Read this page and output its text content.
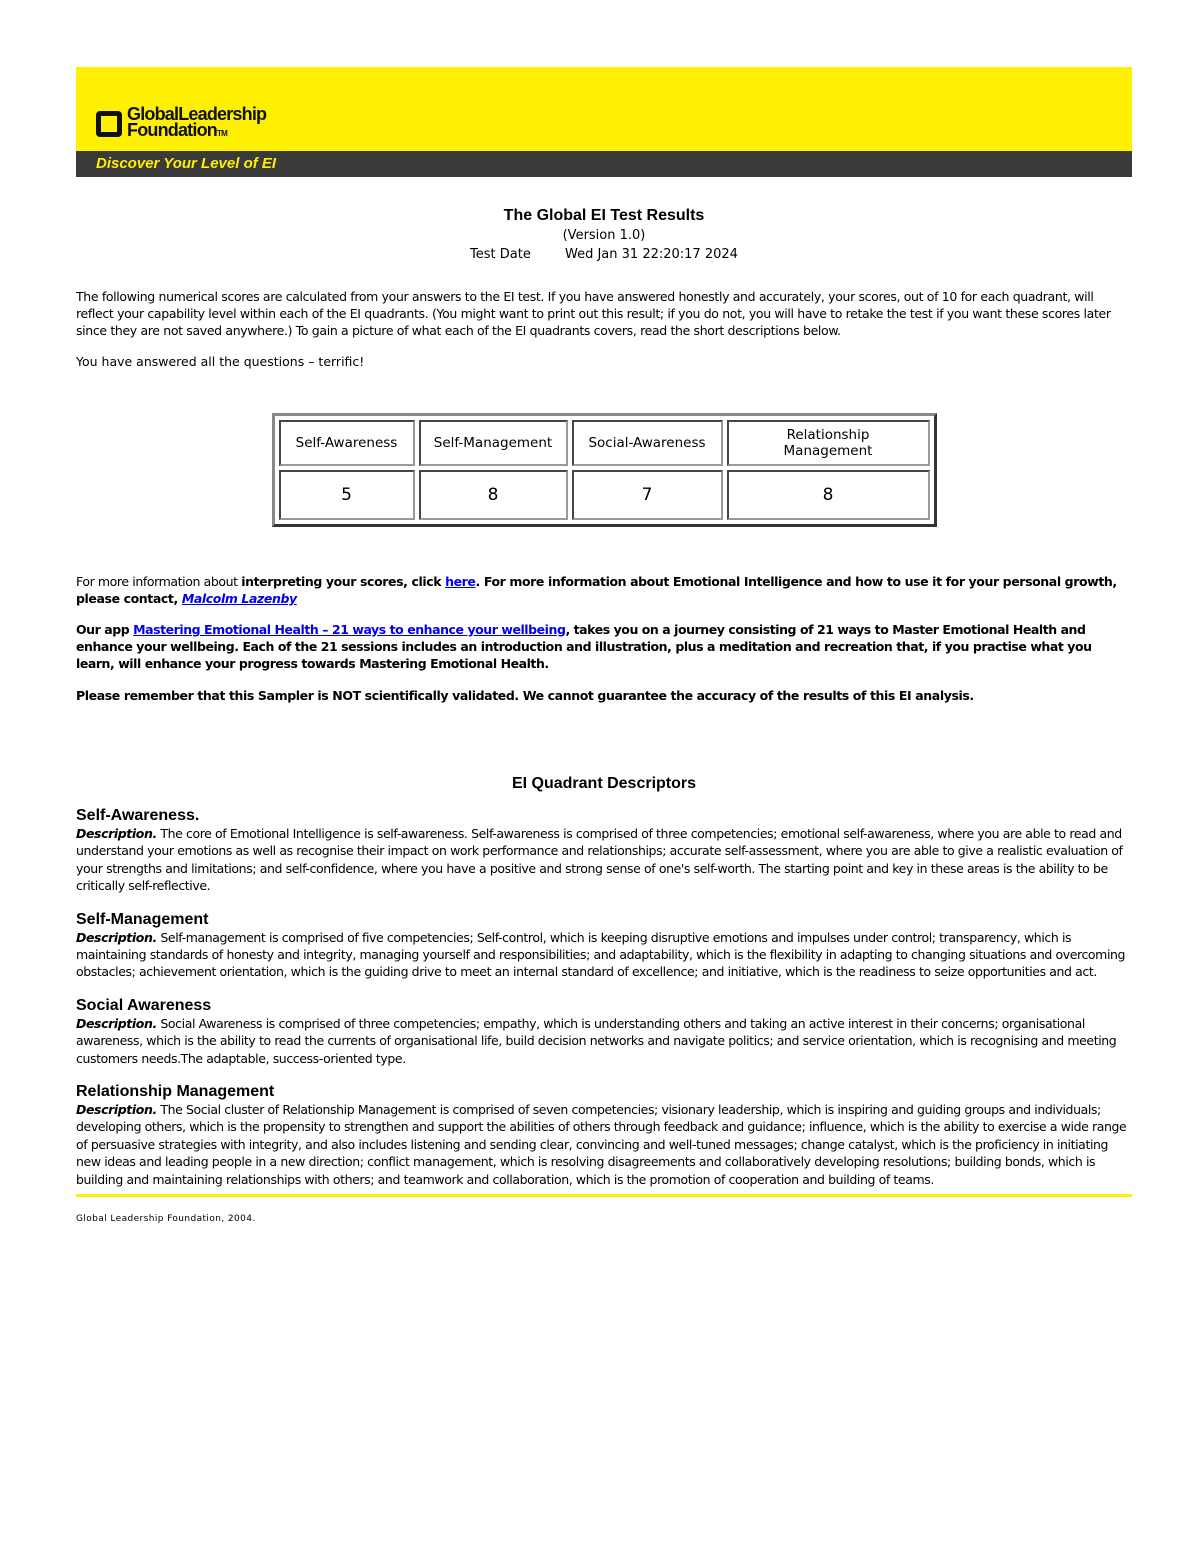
GlobalLeadership
FoundationTM
Discover Your Level of EI
The Global EI Test Results
(Version 1.0)
Test Date	Wed Jan 31 22:20:17 2024

The following numerical scores are calculated from your answers to the EI test. If you have answered honestly and accurately, your scores, out of 10 for each quadrant, will reflect your capability level within each of the EI quadrants. (You might want to print out this result; if you do not, you will have to retake the test if you want these scores later since they are not saved anywhere.) To gain a picture of what each of the EI quadrants covers, read the short descriptions below.

You have answered all the questions – terrific!

Self-Awareness	Self-Management	Social-Awareness	Relationship Management
5	8	7	8

For more information about interpreting your scores, click here. For more information about Emotional Intelligence and how to use it for your personal growth, please contact, Malcolm Lazenby

Our app Mastering Emotional Health – 21 ways to enhance your wellbeing, takes you on a journey consisting of 21 ways to Master Emotional Health and enhance your wellbeing. Each of the 21 sessions includes an introduction and illustration, plus a meditation and recreation that, if you practise what you learn, will enhance your progress towards Mastering Emotional Health.

Please remember that this Sampler is NOT scientifically validated. We cannot guarantee the accuracy of the results of this EI analysis.

EI Quadrant Descriptors
Self-Awareness.

Description. The core of Emotional Intelligence is self-awareness. Self-awareness is comprised of three competencies; emotional self-awareness, where you are able to read and understand your emotions as well as recognise their impact on work performance and relationships; accurate self-assessment, where you are able to give a realistic evaluation of your strengths and limitations; and self-confidence, where you have a positive and strong sense of one's self-worth. The starting point and key in these areas is the ability to be critically self-reflective.

Self-Management

Description. Self-management is comprised of five competencies; Self-control, which is keeping disruptive emotions and impulses under control; transparency, which is maintaining standards of honesty and integrity, managing yourself and responsibilities; and adaptability, which is the flexibility in adapting to changing situations and overcoming obstacles; achievement orientation, which is the guiding drive to meet an internal standard of excellence; and initiative, which is the readiness to seize opportunities and act.

Social Awareness

Description. Social Awareness is comprised of three competencies; empathy, which is understanding others and taking an active interest in their concerns; organisational awareness, which is the ability to read the currents of organisational life, build decision networks and navigate politics; and service orientation, which is recognising and meeting customers needs.The adaptable, success-oriented type.

Relationship Management

Description. The Social cluster of Relationship Management is comprised of seven competencies; visionary leadership, which is inspiring and guiding groups and individuals; developing others, which is the propensity to strengthen and support the abilities of others through feedback and guidance; influence, which is the ability to exercise a wide range of persuasive strategies with integrity, and also includes listening and sending clear, convincing and well-tuned messages; change catalyst, which is the proficiency in initiating new ideas and leading people in a new direction; conflict management, which is resolving disagreements and collaboratively developing resolutions; building bonds, which is building and maintaining relationships with others; and teamwork and collaboration, which is the promotion of cooperation and building of teams.

Global Leadership Foundation, 2004.
